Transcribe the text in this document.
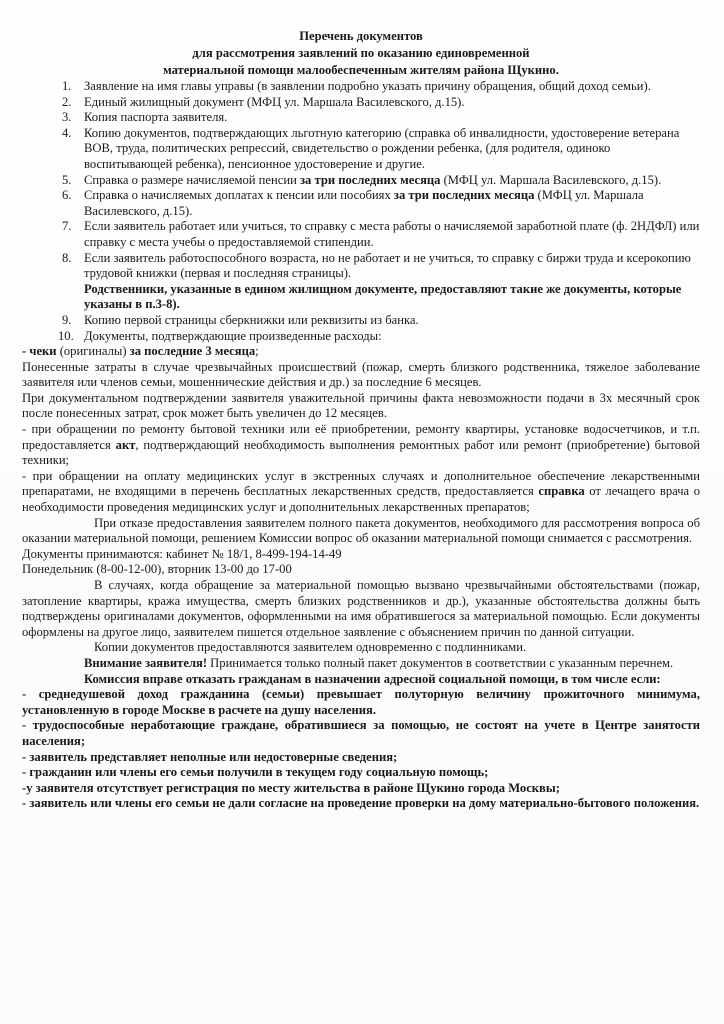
Перечень документов
для рассмотрения заявлений по оказанию единовременной
материальной помощи малообеспеченным жителям района Щукино.
1. Заявление на имя главы управы (в заявлении подробно указать причину обращения, общий доход семьи).
2. Единый жилищный документ (МФЦ ул. Маршала Василевского, д.15).
3. Копия паспорта заявителя.
4. Копию документов, подтверждающих льготную категорию (справка об инвалидности, удостоверение ветерана ВОВ, труда, политических репрессий, свидетельство о рождении ребенка, (для родителя, одиноко воспитывающей ребенка), пенсионное удостоверение и другие.
5. Справка о размере начисляемой пенсии за три последних месяца (МФЦ ул. Маршала Василевского, д.15).
6. Справка о начисляемых доплатах к пенсии или пособиях за три последних месяца (МФЦ ул. Маршала Василевского, д.15).
7. Если заявитель работает или учиться, то справку с места работы о начисляемой заработной плате (ф. 2НДФЛ) или справку с места учебы о предоставляемой стипендии.
8. Если заявитель работоспособного возраста, но не работает и не учиться, то справку с биржи труда и ксерокопию трудовой книжки (первая и последняя страницы).

Родственники, указанные в едином жилищном документе, предоставляют такие же документы, которые указаны в п.3-8).

9. Копию первой страницы сберкнижки или реквизиты из банка.
10. Документы, подтверждающие произведенные расходы:

- чеки (оригиналы) за последние 3 месяца;

Понесенные затраты в случае чрезвычайных происшествий (пожар, смерть близкого родственника, тяжелое заболевание заявителя или членов семьи, мошеннические действия и др.) за последние 6 месяцев.

При документальном подтверждении заявителя уважительной причины факта невозможности подачи в 3х месячный срок после понесенных затрат, срок может быть увеличен до 12 месяцев.

- при обращении по ремонту бытовой техники или её приобретении, ремонту квартиры, установке водосчетчиков, и т.п. предоставляется акт, подтверждающий необходимость выполнения ремонтных работ или ремонт (приобретение) бытовой техники;

- при обращении на оплату медицинских услуг в экстренных случаях и дополнительное обеспечение лекарственными препаратами, не входящими в перечень бесплатных лекарственных средств, предоставляется справка от лечащего врача о необходимости проведения медицинских услуг и дополнительных лекарственных препаратов;

При отказе предоставления заявителем полного пакета документов, необходимого для рассмотрения вопроса об оказании материальной помощи, решением Комиссии вопрос об оказании материальной помощи снимается с рассмотрения.

Документы принимаются: кабинет № 18/1, 8-499-194-14-49

Понедельник (8-00-12-00), вторник 13-00 до 17-00

В случаях, когда обращение за материальной помощью вызвано чрезвычайными обстоятельствами (пожар, затопление квартиры, кража имущества, смерть близких родственников и др.), указанные обстоятельства должны быть подтверждены оригиналами документов, оформленными на имя обратившегося за материальной помощью. Если документы оформлены на другое лицо, заявителем пишется отдельное заявление с объяснением причин по данной ситуации.

Копии документов предоставляются заявителем одновременно с подлинниками.

Внимание заявителя! Принимается только полный пакет документов в соответствии с указанным перечнем.

Комиссия вправе отказать гражданам в назначении адресной социальной помощи, в том числе если:

- среднедушевой доход гражданина (семьи) превышает полуторную величину прожиточного минимума, установленную в городе Москве в расчете на душу населения.

- трудоспособные неработающие граждане, обратившиеся за помощью, не состоят на учете в Центре занятости населения;

- заявитель представляет неполные или недостоверные сведения;

- гражданин или члены его семьи получили в текущем году социальную помощь;

-у заявителя отсутствует регистрация по месту жительства в районе Щукино города Москвы;

- заявитель или члены его семьи не дали согласие на проведение проверки на дому материально-бытового положения.
